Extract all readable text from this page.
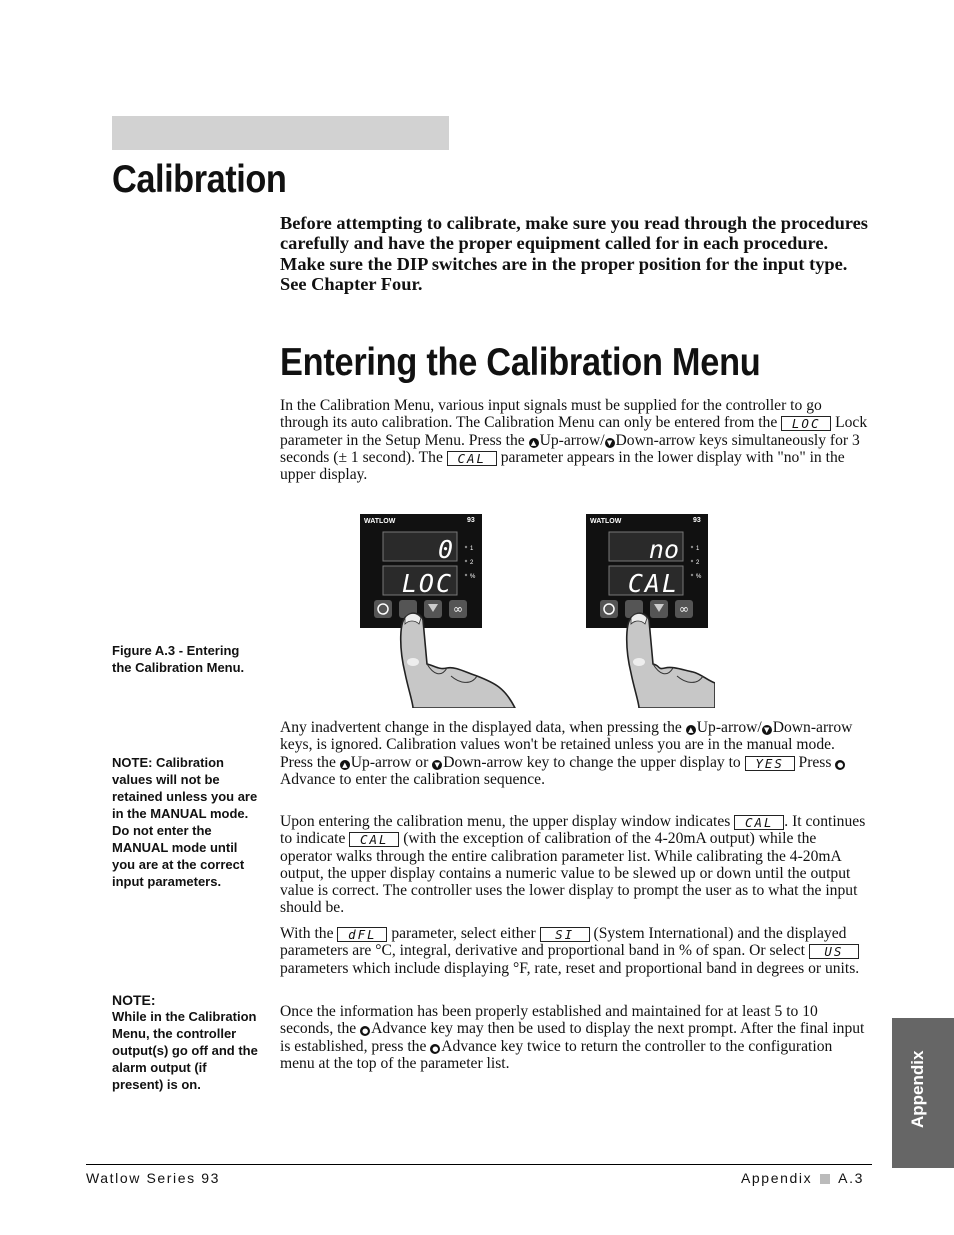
Calibration

Before attempting to calibrate, make sure you read through the procedures carefully and have the proper equipment called for in each procedure. Make sure the DIP switches are in the proper position for the input type. See Chapter Four.

Entering the Calibration Menu

In the Calibration Menu, various input signals must be supplied for the controller to go through its auto calibration. The Calibration Menu can only be entered from the LOC Lock parameter in the Setup Menu. Press the ▲ Up-arrow/ ▼ Down-arrow keys simultaneously for 3 seconds (± 1 second). The CAL parameter appears in the lower display with "no" in the upper display.

WATLOW	93
0
LOC
1
2
%
∞
WATLOW	93
no
CAL
1
2
%
∞

Figure A.3 - Entering the Calibration Menu.

Any inadvertent change in the displayed data, when pressing the ▲ Up-arrow/ ▼ Down-arrow keys, is ignored. Calibration values won't be retained unless you are in the manual mode. Press the ▲ Up-arrow or ▼ Down-arrow key to change the upper display to YES Press ●Advance to enter the calibration sequence.

Upon entering the calibration menu, the upper display window indicates CAL . It continues to indicate CAL (with the exception of calibration of the 4-20mA output) while the operator walks through the entire calibration parameter list. While calibrating the 4-20mA output, the upper display contains a numeric value to be slewed up or down until the output value is correct. The controller uses the lower display to prompt the user as to what the input should be.

With the dFL parameter, select either SI (System International) and the displayed parameters are °C, integral, derivative and proportional band in % of span. Or select US parameters which include displaying °F, rate, reset and proportional band in degrees or units.

Once the information has been properly established and maintained for at least 5 to 10 seconds, the ● Advance key may then be used to display the next prompt. After the final input is established, press the ● Advance key twice to return the controller to the configuration menu at the top of the parameter list.

NOTE: Calibration values will not be retained unless you are in the MANUAL mode. Do not enter the MANUAL mode until you are at the correct input parameters.

NOTE:

While in the Calibration Menu, the controller output(s) go off and the alarm output (if present) is on.

Watlow Series 93	Appendix A.3
Appendix
